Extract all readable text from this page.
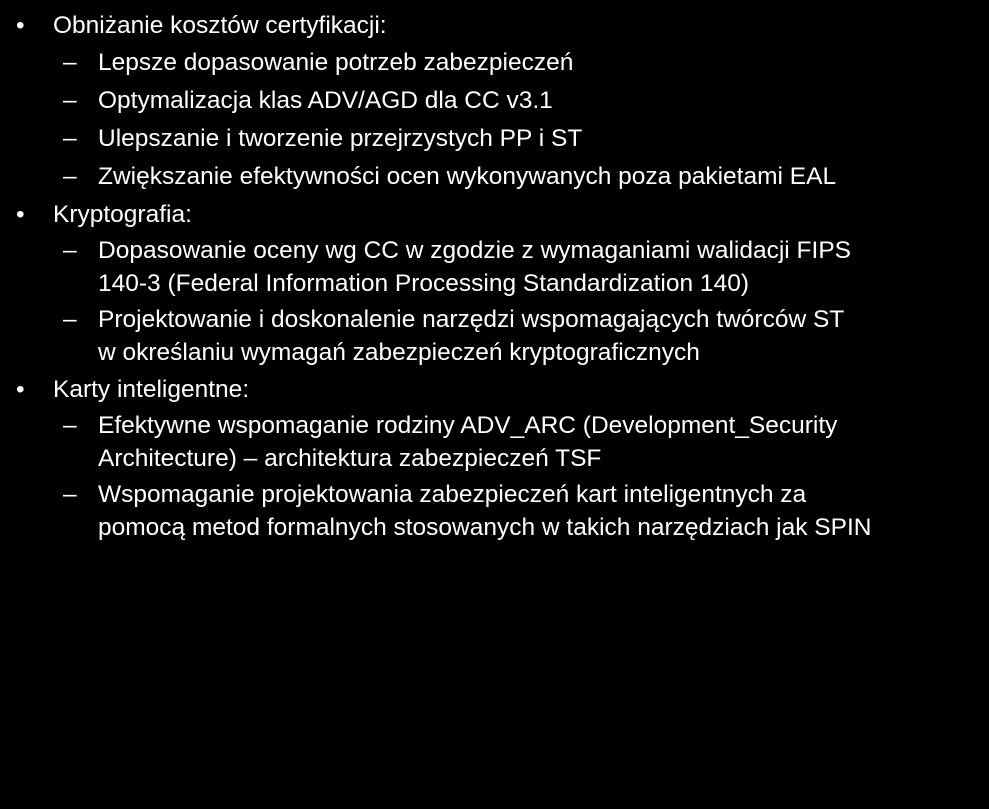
• Obniżanie kosztów certyfikacji:
– Lepsze dopasowanie potrzeb zabezpieczeń
– Optymalizacja klas ADV/AGD dla CC v3.1
– Ulepszanie i tworzenie przejrzystych PP i ST
– Zwiększanie efektywności ocen wykonywanych poza pakietami EAL
• Kryptografia:
– Dopasowanie oceny wg CC w zgodzie z wymaganiami walidacji FIPS
140-3 (Federal Information Processing Standardization 140)
– Projektowanie i doskonalenie narzędzi wspomagających twórców ST
w określaniu wymagań zabezpieczeń kryptograficznych
• Karty inteligentne:
– Efektywne wspomaganie rodziny ADV_ARC (Development_Security
Architecture) – architektura zabezpieczeń TSF
– Wspomaganie projektowania zabezpieczeń kart inteligentnych za
pomocą metod formalnych stosowanych w takich narzędziach jak SPIN
